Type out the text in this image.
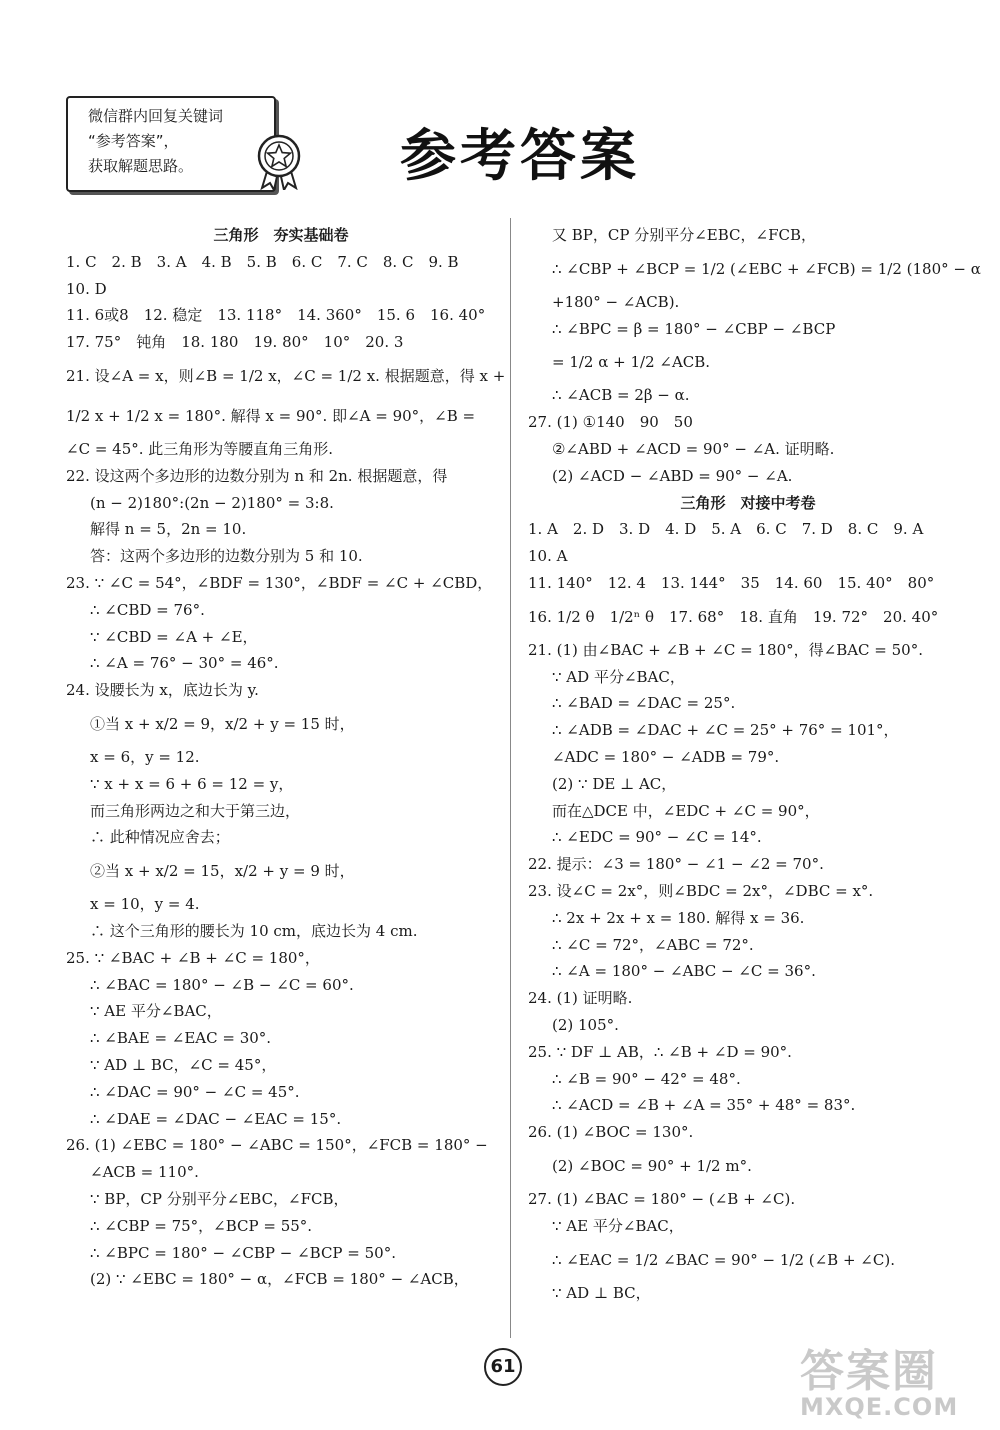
微信群内回复关键词
“参考答案”，
获取解题思路。	参考答案
三角形　夯实基础卷
1. C　2. B　3. A　4. B　5. B　6. C　7. C　8. C　9. B
10. D
11. 6或8　12. 稳定　13. 118°　14. 360°　15. 6　16. 40°
17. 75°　钝角　18. 180　19. 80°　10°　20. 3
21. 设∠A = x，则∠B = 1/2 x，∠C = 1/2 x. 根据题意，得 x +
1/2 x + 1/2 x = 180°. 解得 x = 90°. 即∠A = 90°，∠B =
∠C = 45°. 此三角形为等腰直角三角形.
22. 设这两个多边形的边数分别为 n 和 2n. 根据题意，得
(n − 2)180°:(2n − 2)180° = 3:8.
解得 n = 5，2n = 10.
答：这两个多边形的边数分别为 5 和 10.
23. ∵ ∠C = 54°，∠BDF = 130°，∠BDF = ∠C + ∠CBD，
∴ ∠CBD = 76°.
∵ ∠CBD = ∠A + ∠E，
∴ ∠A = 76° − 30° = 46°.
24. 设腰长为 x，底边长为 y.
①当 x + x/2 = 9，x/2 + y = 15 时，
x = 6，y = 12.
∵ x + x = 6 + 6 = 12 = y，
而三角形两边之和大于第三边，
∴ 此种情况应舍去；
②当 x + x/2 = 15，x/2 + y = 9 时，
x = 10，y = 4.
∴ 这个三角形的腰长为 10 cm，底边长为 4 cm.
25. ∵ ∠BAC + ∠B + ∠C = 180°，
∴ ∠BAC = 180° − ∠B − ∠C = 60°.
∵ AE 平分∠BAC，
∴ ∠BAE = ∠EAC = 30°.
∵ AD ⊥ BC，∠C = 45°，
∴ ∠DAC = 90° − ∠C = 45°.
∴ ∠DAE = ∠DAC − ∠EAC = 15°.
26. (1) ∠EBC = 180° − ∠ABC = 150°，∠FCB = 180° −
∠ACB = 110°.
∵ BP，CP 分别平分∠EBC，∠FCB，
∴ ∠CBP = 75°，∠BCP = 55°.
∴ ∠BPC = 180° − ∠CBP − ∠BCP = 50°.
(2) ∵ ∠EBC = 180° − α，∠FCB = 180° − ∠ACB，
又 BP，CP 分别平分∠EBC，∠FCB，
∴ ∠CBP + ∠BCP = 1/2 (∠EBC + ∠FCB) = 1/2 (180° − α
+180° − ∠ACB).
∴ ∠BPC = β = 180° − ∠CBP − ∠BCP
= 1/2 α + 1/2 ∠ACB.
∴ ∠ACB = 2β − α.
27. (1) ①140　90　50
②∠ABD + ∠ACD = 90° − ∠A. 证明略.
(2) ∠ACD − ∠ABD = 90° − ∠A.
三角形　对接中考卷
1. A　2. D　3. D　4. D　5. A　6. C　7. D　8. C　9. A
10. A
11. 140°　12. 4　13. 144°　35　14. 60　15. 40°　80°
16. 1/2 θ　1/2ⁿ θ　17. 68°　18. 直角　19. 72°　20. 40°
21. (1) 由∠BAC + ∠B + ∠C = 180°，得∠BAC = 50°.
∵ AD 平分∠BAC，
∴ ∠BAD = ∠DAC = 25°.
∴ ∠ADB = ∠DAC + ∠C = 25° + 76° = 101°，
∠ADC = 180° − ∠ADB = 79°.
(2) ∵ DE ⊥ AC，
而在△DCE 中，∠EDC + ∠C = 90°，
∴ ∠EDC = 90° − ∠C = 14°.
22. 提示：∠3 = 180° − ∠1 − ∠2 = 70°.
23. 设∠C = 2x°，则∠BDC = 2x°，∠DBC = x°.
∴ 2x + 2x + x = 180. 解得 x = 36.
∴ ∠C = 72°，∠ABC = 72°.
∴ ∠A = 180° − ∠ABC − ∠C = 36°.
24. (1) 证明略.
(2) 105°.
25. ∵ DF ⊥ AB，∴ ∠B + ∠D = 90°.
∴ ∠B = 90° − 42° = 48°.
∴ ∠ACD = ∠B + ∠A = 35° + 48° = 83°.
26. (1) ∠BOC = 130°.
(2) ∠BOC = 90° + 1/2 m°.
27. (1) ∠BAC = 180° − (∠B + ∠C).
∵ AE 平分∠BAC，
∴ ∠EAC = 1/2 ∠BAC = 90° − 1/2 (∠B + ∠C).
∵ AD ⊥ BC，
61	答案圈
MXQE.COM
